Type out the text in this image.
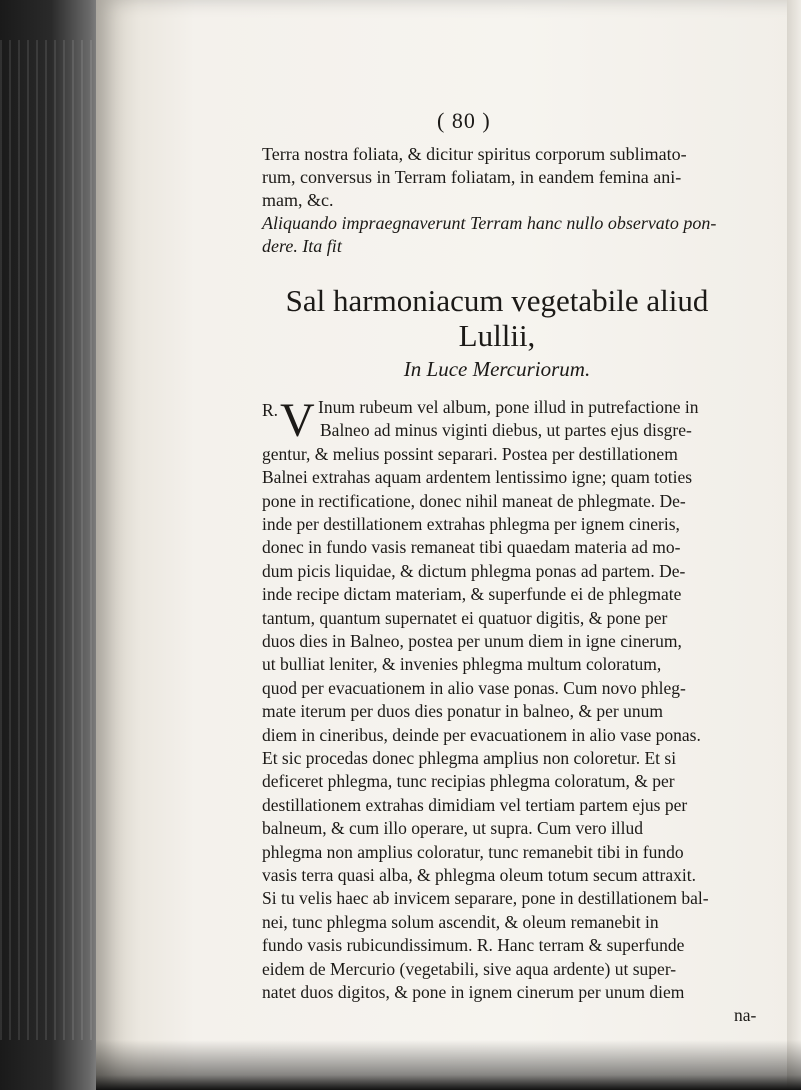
( 80 )
Terra nostra foliata, & dicitur spiritus corporum sublimato-
rum, conversus in Terram foliatam, in eandem femina ani-
mam, &c.
Aliquando impraegnaverunt Terram hanc nullo observato pon-
dere. Ita fit
Sal harmoniacum vegetabile aliud
Lullii,
In Luce Mercuriorum.
R. V Inum rubeum vel album, pone illud in putrefactione in
Balneo ad minus viginti diebus, ut partes ejus disgre-
gentur, & melius possint separari. Postea per destillationem
Balnei extrahas aquam ardentem lentissimo igne; quam toties
pone in rectificatione, donec nihil maneat de phlegmate. De-
inde per destillationem extrahas phlegma per ignem cineris,
donec in fundo vasis remaneat tibi quaedam materia ad mo-
dum picis liquidae, & dictum phlegma ponas ad partem. De-
inde recipe dictam materiam, & superfunde ei de phlegmate
tantum, quantum supernatet ei quatuor digitis, & pone per
duos dies in Balneo, postea per unum diem in igne cinerum,
ut bulliat leniter, & invenies phlegma multum coloratum,
quod per evacuationem in alio vase ponas. Cum novo phleg-
mate iterum per duos dies ponatur in balneo, & per unum
diem in cineribus, deinde per evacuationem in alio vase ponas.
Et sic procedas donec phlegma amplius non coloretur. Et si
deficeret phlegma, tunc recipias phlegma coloratum, & per
destillationem extrahas dimidiam vel tertiam partem ejus per
balneum, & cum illo operare, ut supra. Cum vero illud
phlegma non amplius coloratur, tunc remanebit tibi in fundo
vasis terra quasi alba, & phlegma oleum totum secum attraxit.
Si tu velis haec ab invicem separare, pone in destillationem bal-
nei, tunc phlegma solum ascendit, & oleum remanebit in
fundo vasis rubicundissimum. R. Hanc terram & superfunde
eidem de Mercurio (vegetabili, sive aqua ardente) ut super-
natet duos digitos, & pone in ignem cinerum per unum diem
na-
